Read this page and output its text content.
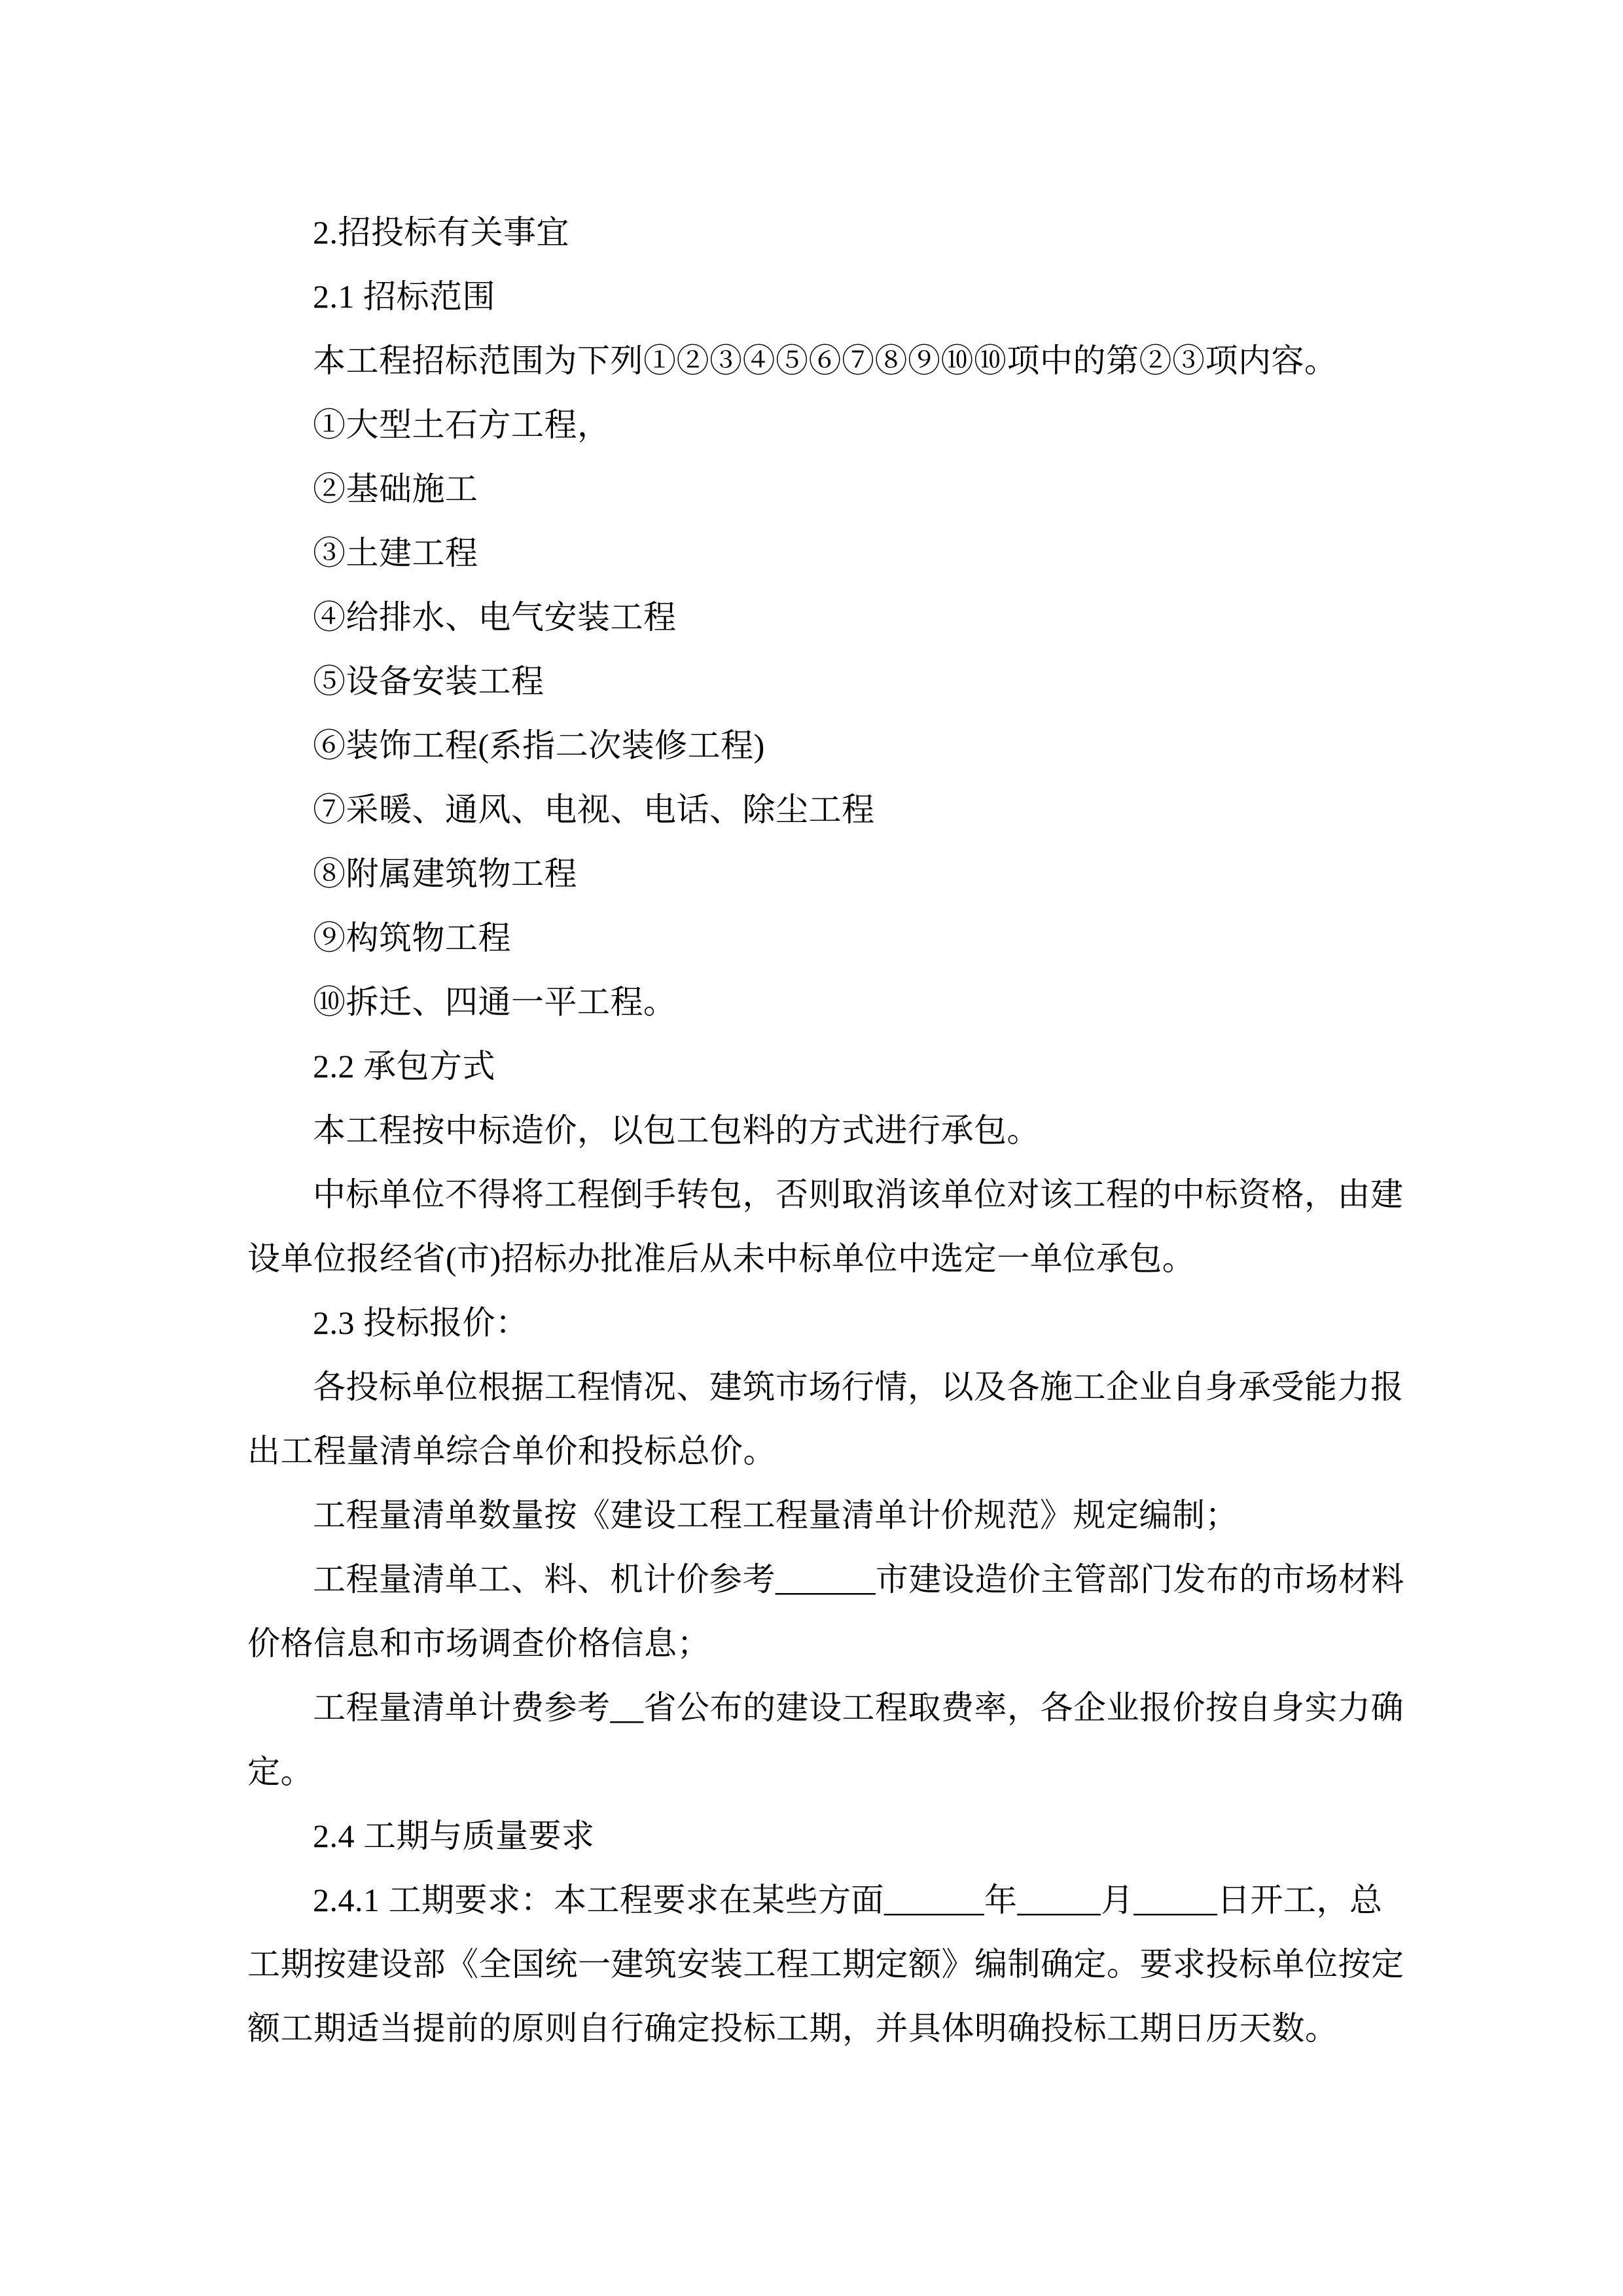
2.招投标有关事宜
2.1 招标范围
本工程招标范围为下列①②③④⑤⑥⑦⑧⑨⑩⑩项中的第②③项内容。
①大型土石方工程，
②基础施工
③土建工程
④给排水、电气安装工程
⑤设备安装工程
⑥装饰工程(系指二次装修工程)
⑦采暖、通风、电视、电话、除尘工程
⑧附属建筑物工程
⑨构筑物工程
⑩拆迁、四通一平工程。
2.2 承包方式
本工程按中标造价，以包工包料的方式进行承包。
中标单位不得将工程倒手转包，否则取消该单位对该工程的中标资格，由建
设单位报经省(市)招标办批准后从未中标单位中选定一单位承包。
2.3 投标报价：
各投标单位根据工程情况、建筑市场行情，以及各施工企业自身承受能力报
出工程量清单综合单价和投标总价。
工程量清单数量按《建设工程工程量清单计价规范》规定编制；
工程量清单工、料、机计价参考______市建设造价主管部门发布的市场材料
价格信息和市场调查价格信息；
工程量清单计费参考__省公布的建设工程取费率，各企业报价按自身实力确
定。
2.4 工期与质量要求
2.4.1 工期要求：本工程要求在某些方面______年_____月_____日开工，总
工期按建设部《全国统一建筑安装工程工期定额》编制确定。要求投标单位按定
额工期适当提前的原则自行确定投标工期，并具体明确投标工期日历天数。
